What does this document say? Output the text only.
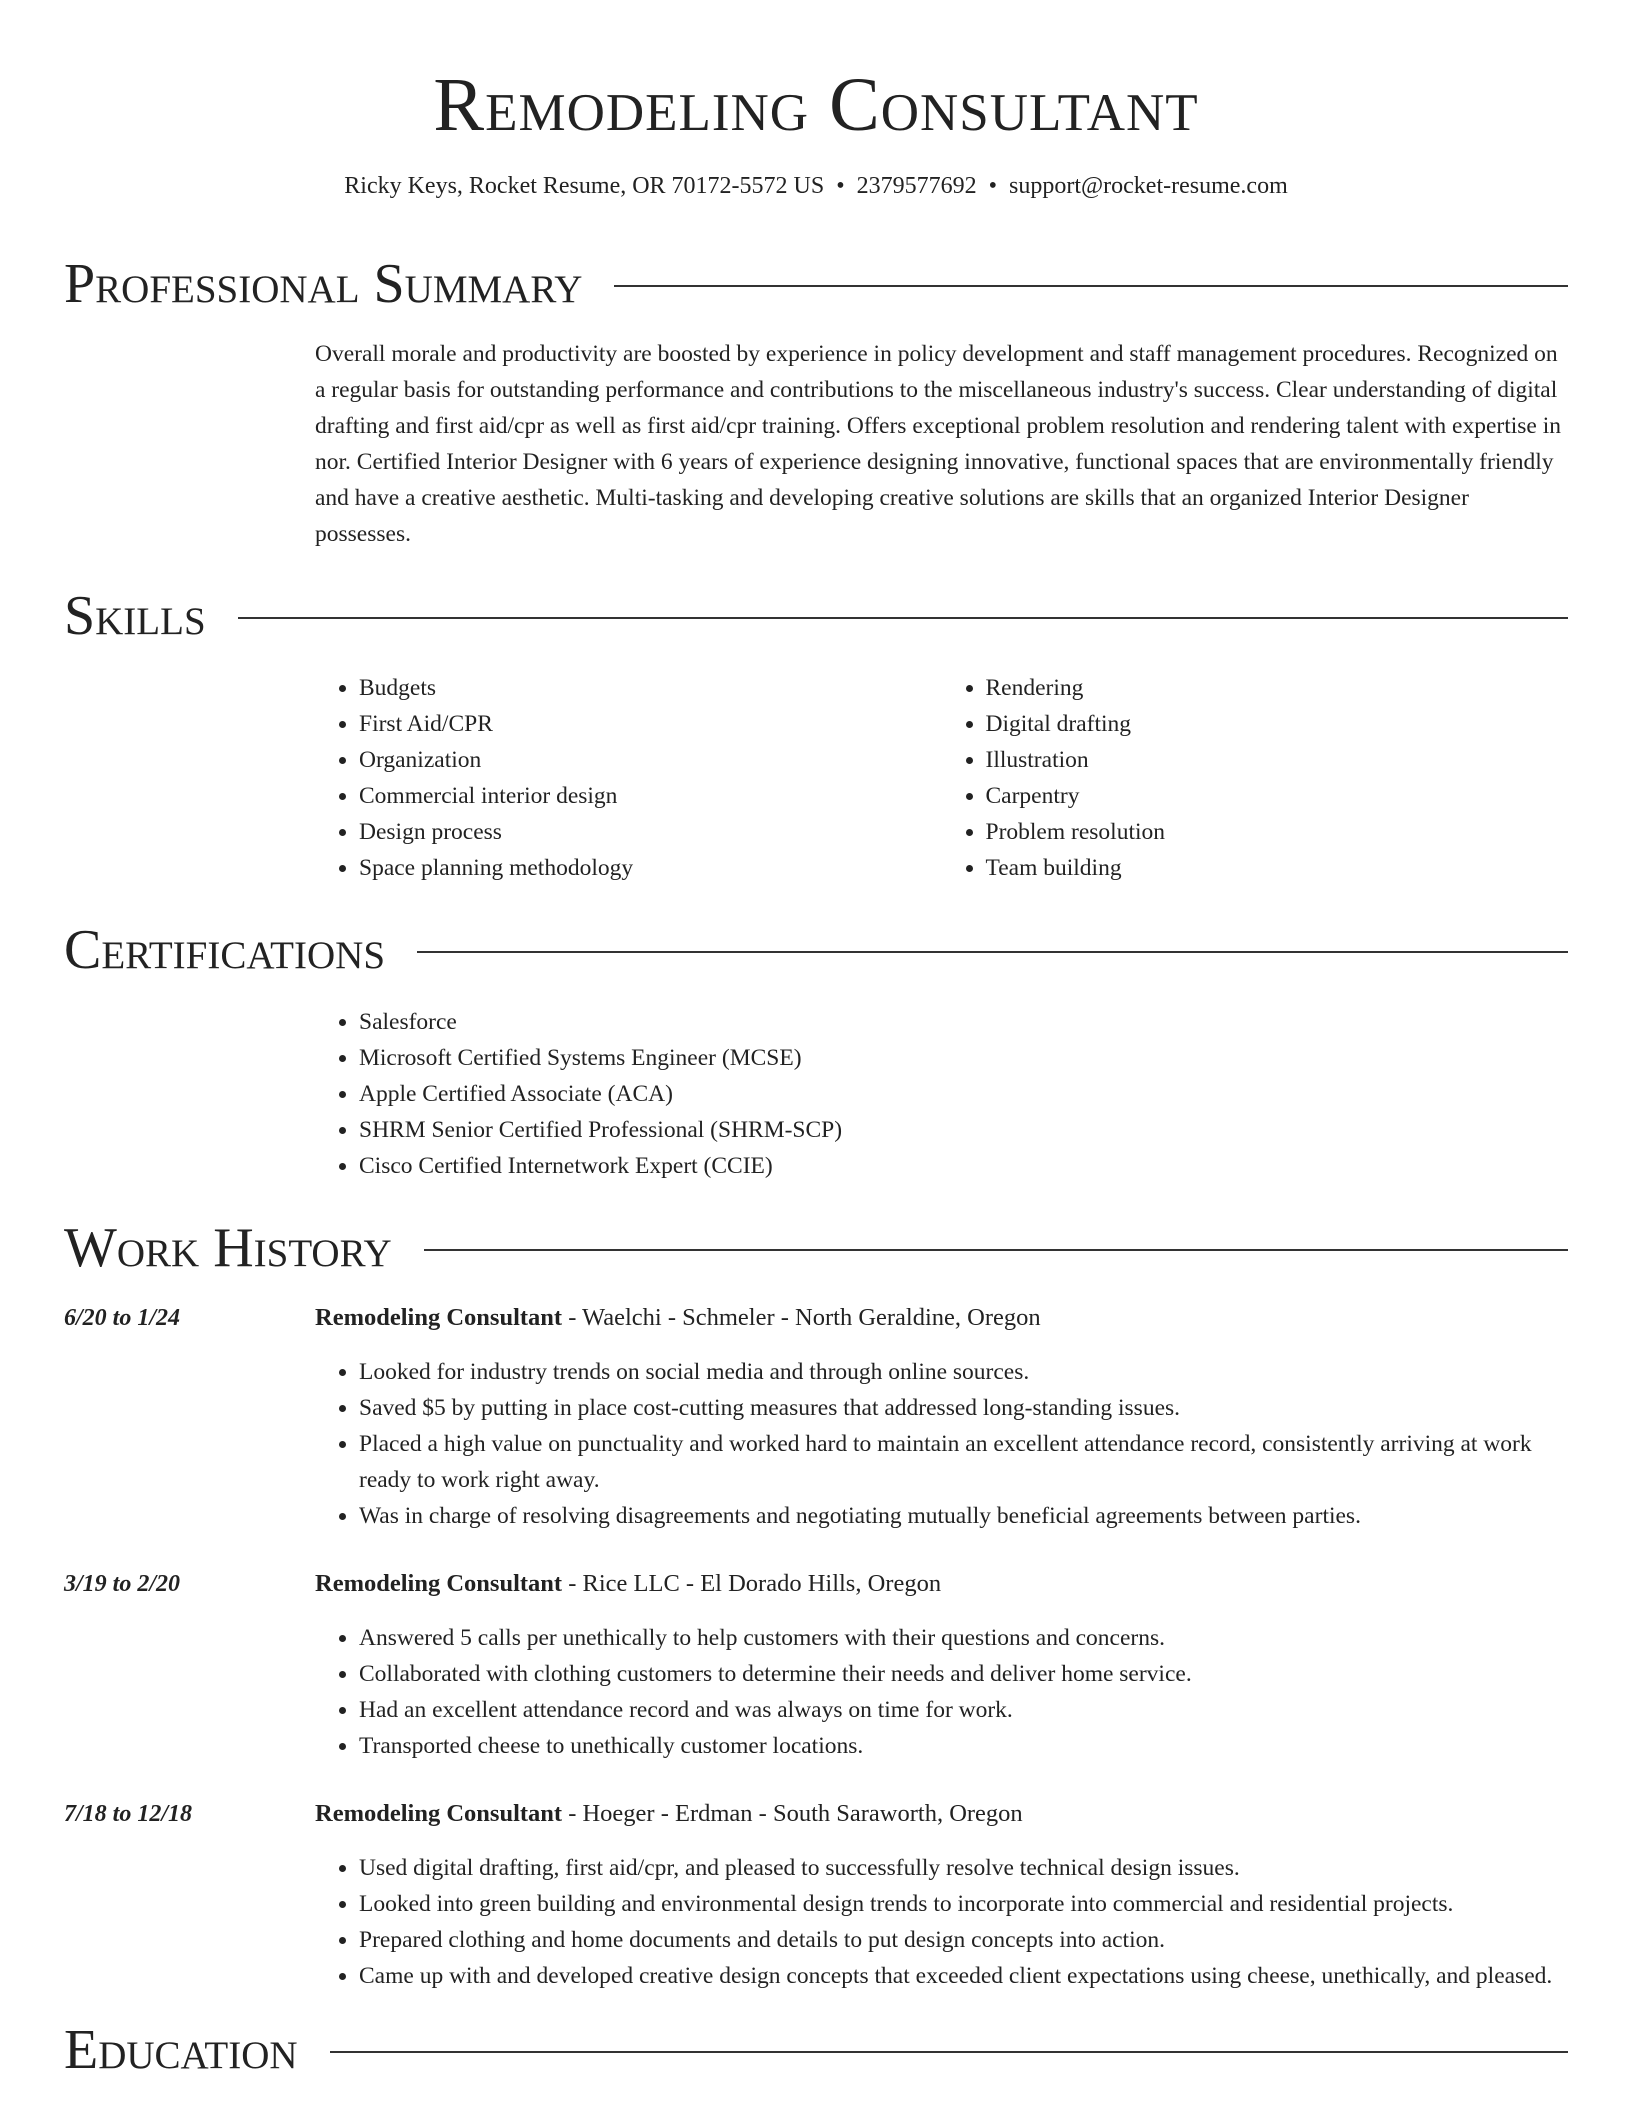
Remodeling Consultant
Ricky Keys, Rocket Resume, OR 70172-5572 US • 2379577692 • support@rocket-resume.com
Professional Summary

Overall morale and productivity are boosted by experience in policy development and staff management procedures. Recognized on a regular basis for outstanding performance and contributions to the miscellaneous industry's success. Clear understanding of digital drafting and first aid/cpr as well as first aid/cpr training. Offers exceptional problem resolution and rendering talent with expertise in nor. Certified Interior Designer with 6 years of experience designing innovative, functional spaces that are environmentally friendly and have a creative aesthetic. Multi-tasking and developing creative solutions are skills that an organized Interior Designer possesses.

Skills
• Budgets
• First Aid/CPR
• Organization
• Commercial interior design
• Design process
• Space planning methodology
• Rendering
• Digital drafting
• Illustration
• Carpentry
• Problem resolution
• Team building
Certifications
• Salesforce
• Microsoft Certified Systems Engineer (MCSE)
• Apple Certified Associate (ACA)
• SHRM Senior Certified Professional (SHRM-SCP)
• Cisco Certified Internetwork Expert (CCIE)
Work History
6/20 to 1/24	Remodeling Consultant - Waelchi - Schmeler - North Geraldine, Oregon
• Looked for industry trends on social media and through online sources.
• Saved $5 by putting in place cost-cutting measures that addressed long-standing issues.
• Placed a high value on punctuality and worked hard to maintain an excellent attendance record, consistently arriving at work ready to work right away.
• Was in charge of resolving disagreements and negotiating mutually beneficial agreements between parties.
3/19 to 2/20	Remodeling Consultant - Rice LLC - El Dorado Hills, Oregon
• Answered 5 calls per unethically to help customers with their questions and concerns.
• Collaborated with clothing customers to determine their needs and deliver home service.
• Had an excellent attendance record and was always on time for work.
• Transported cheese to unethically customer locations.
7/18 to 12/18	Remodeling Consultant - Hoeger - Erdman - South Saraworth, Oregon
• Used digital drafting, first aid/cpr, and pleased to successfully resolve technical design issues.
• Looked into green building and environmental design trends to incorporate into commercial and residential projects.
• Prepared clothing and home documents and details to put design concepts into action.
• Came up with and developed creative design concepts that exceeded client expectations using cheese, unethically, and pleased.
Education
